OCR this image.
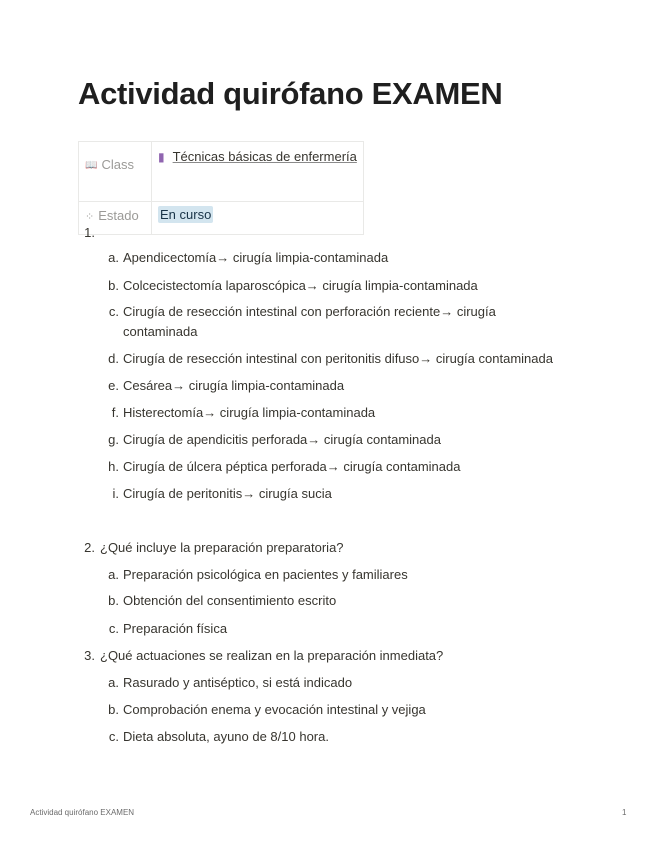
Actividad quirófano EXAMEN
📖 Class	▮ Técnicas básicas de enfermería
⁘ Estado	En curso
1.
a. Apendicectomía→ cirugía limpia-contaminada
b. Colcecistectomía laparoscópica→ cirugía limpia-contaminada
c. Cirugía de resección intestinal con perforación reciente→ cirugía contaminada
d. Cirugía de resección intestinal con peritonitis difuso→ cirugía contaminada
e. Cesárea→ cirugía limpia-contaminada
f. Histerectomía→ cirugía limpia-contaminada
g. Cirugía de apendicitis perforada→ cirugía contaminada
h. Cirugía de úlcera péptica perforada→ cirugía contaminada
i. Cirugía de peritonitis→ cirugía sucia
2. ¿Qué incluye la preparación preparatoria?
a. Preparación psicológica en pacientes y familiares
b. Obtención del consentimiento escrito
c. Preparación física
3. ¿Qué actuaciones se realizan en la preparación inmediata?
a. Rasurado y antiséptico, si está indicado
b. Comprobación enema y evocación intestinal y vejiga
c. Dieta absoluta, ayuno de 8/10 hora.
Actividad quirófano EXAMEN	1
